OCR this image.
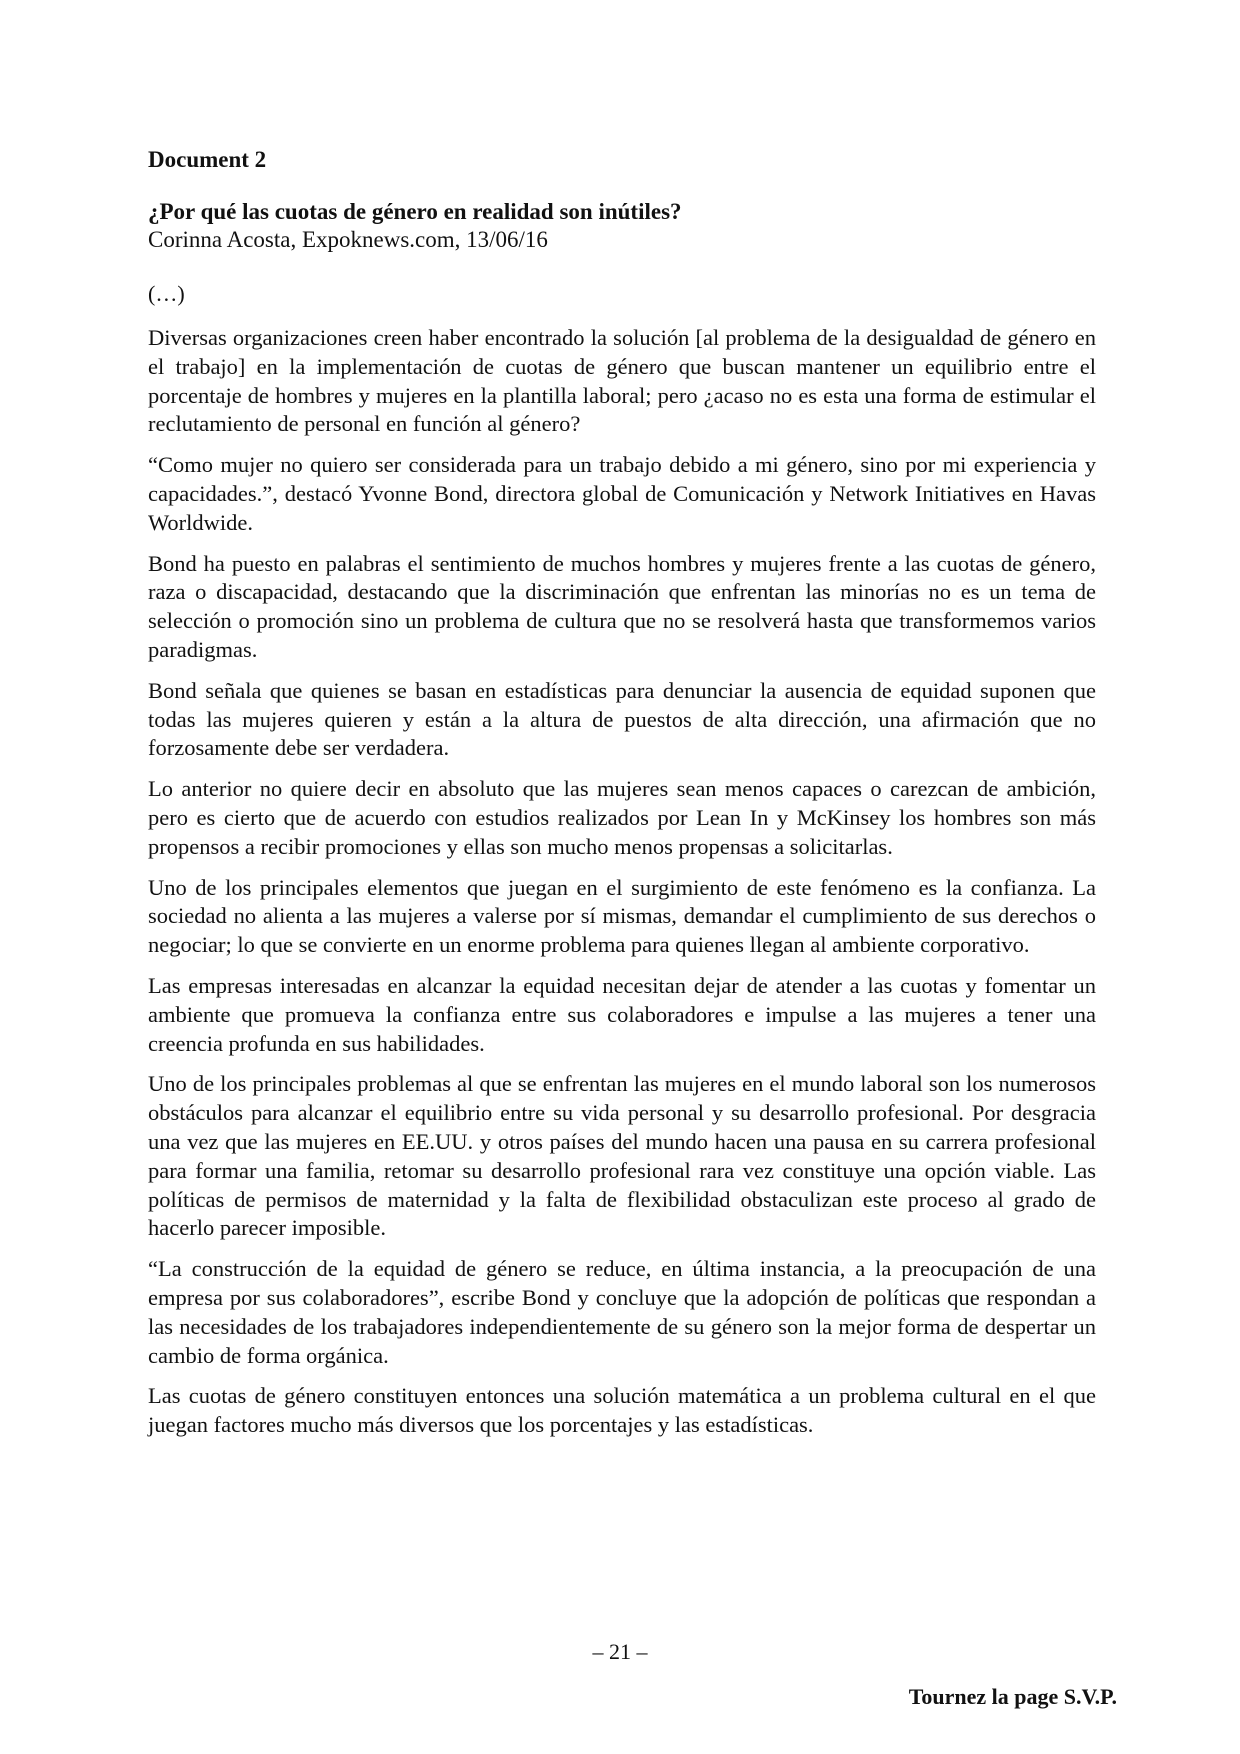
Document 2

¿Por qué las cuotas de género en realidad son inútiles?

Corinna Acosta, Expoknews.com, 13/06/16

(…)

Diversas organizaciones creen haber encontrado la solución [al problema de la desigualdad de género en el trabajo] en la implementación de cuotas de género que buscan mantener un equilibrio entre el porcentaje de hombres y mujeres en la plantilla laboral; pero ¿acaso no es esta una forma de estimular el reclutamiento de personal en función al género?

“Como mujer no quiero ser considerada para un trabajo debido a mi género, sino por mi experiencia y capacidades.”, destacó Yvonne Bond, directora global de Comunicación y Network Initiatives en Havas Worldwide.

Bond ha puesto en palabras el sentimiento de muchos hombres y mujeres frente a las cuotas de género, raza o discapacidad, destacando que la discriminación que enfrentan las minorías no es un tema de selección o promoción sino un problema de cultura que no se resolverá hasta que transformemos varios paradigmas.

Bond señala que quienes se basan en estadísticas para denunciar la ausencia de equidad suponen que todas las mujeres quieren y están a la altura de puestos de alta dirección, una afirmación que no forzosamente debe ser verdadera.

Lo anterior no quiere decir en absoluto que las mujeres sean menos capaces o carezcan de ambición, pero es cierto que de acuerdo con estudios realizados por Lean In y McKinsey los hombres son más propensos a recibir promociones y ellas son mucho menos propensas a solicitarlas.

Uno de los principales elementos que juegan en el surgimiento de este fenómeno es la confianza. La sociedad no alienta a las mujeres a valerse por sí mismas, demandar el cumplimiento de sus derechos o negociar; lo que se convierte en un enorme problema para quienes llegan al ambiente corporativo.

Las empresas interesadas en alcanzar la equidad necesitan dejar de atender a las cuotas y fomentar un ambiente que promueva la confianza entre sus colaboradores e impulse a las mujeres a tener una creencia profunda en sus habilidades.

Uno de los principales problemas al que se enfrentan las mujeres en el mundo laboral son los numerosos obstáculos para alcanzar el equilibrio entre su vida personal y su desarrollo profesional. Por desgracia una vez que las mujeres en EE.UU. y otros países del mundo hacen una pausa en su carrera profesional para formar una familia, retomar su desarrollo profesional rara vez constituye una opción viable. Las políticas de permisos de maternidad y la falta de flexibilidad obstaculizan este proceso al grado de hacerlo parecer imposible.

“La construcción de la equidad de género se reduce, en última instancia, a la preocupación de una empresa por sus colaboradores”, escribe Bond y concluye que la adopción de políticas que respondan a las necesidades de los trabajadores independientemente de su género son la mejor forma de despertar un cambio de forma orgánica.

Las cuotas de género constituyen entonces una solución matemática a un problema cultural en el que juegan factores mucho más diversos que los porcentajes y las estadísticas.

– 21 –
Tournez la page S.V.P.
